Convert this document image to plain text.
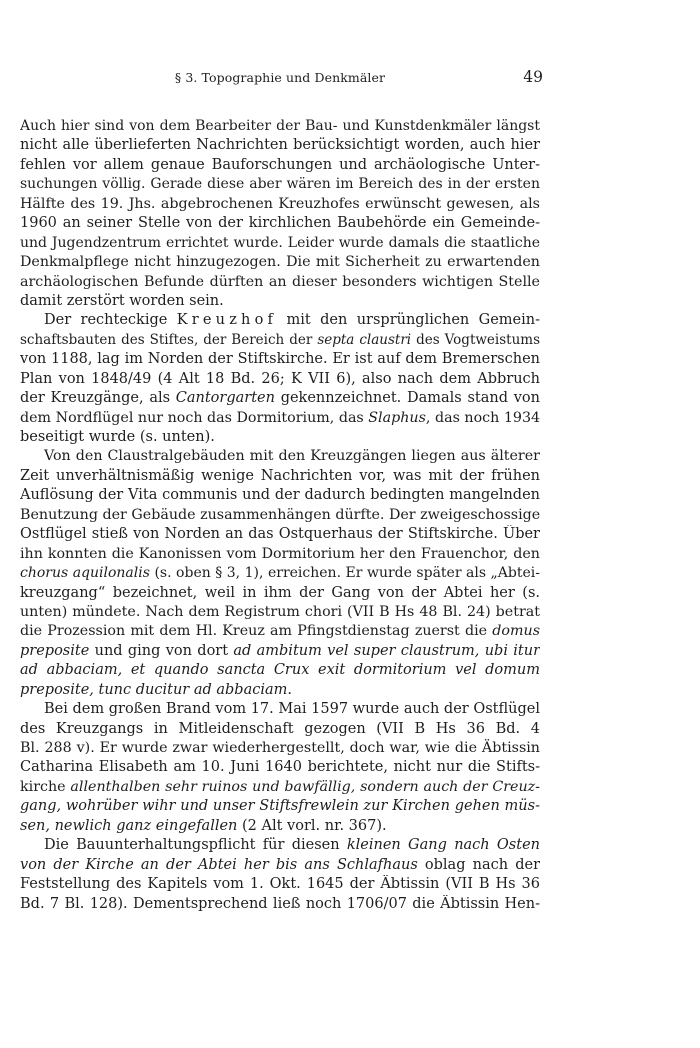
§ 3. Topographie und Denkmäler	49
Auch hier sind von dem Bearbeiter der Bau- und Kunstdenkmäler längst
nicht alle überlieferten Nachrichten berücksichtigt worden, auch hier
fehlen vor allem genaue Bauforschungen und archäologische Unter-
suchungen völlig. Gerade diese aber wären im Bereich des in der ersten
Hälfte des 19. Jhs. abgebrochenen Kreuzhofes erwünscht gewesen, als
1960 an seiner Stelle von der kirchlichen Baubehörde ein Gemeinde-
und Jugendzentrum errichtet wurde. Leider wurde damals die staatliche
Denkmalpflege nicht hinzugezogen. Die mit Sicherheit zu erwartenden
archäologischen Befunde dürften an dieser besonders wichtigen Stelle
damit zerstört worden sein.
Der rechteckige Kreuzhof mit den ursprünglichen Gemein-
schaftsbauten des Stiftes, der Bereich der septa claustri des Vogtweistums
von 1188, lag im Norden der Stiftskirche. Er ist auf dem Bremerschen
Plan von 1848/49 (4 Alt 18 Bd. 26; K VII 6), also nach dem Abbruch
der Kreuzgänge, als Cantorgarten gekennzeichnet. Damals stand von
dem Nordflügel nur noch das Dormitorium, das Slaphus, das noch 1934
beseitigt wurde (s. unten).
Von den Claustralgebäuden mit den Kreuzgängen liegen aus älterer
Zeit unverhältnismäßig wenige Nachrichten vor, was mit der frühen
Auflösung der Vita communis und der dadurch bedingten mangelnden
Benutzung der Gebäude zusammenhängen dürfte. Der zweigeschossige
Ostflügel stieß von Norden an das Ostquerhaus der Stiftskirche. Über
ihn konnten die Kanonissen vom Dormitorium her den Frauenchor, den
chorus aquilonalis (s. oben § 3, 1), erreichen. Er wurde später als „Abtei-
kreuzgang“ bezeichnet, weil in ihm der Gang von der Abtei her (s.
unten) mündete. Nach dem Registrum chori (VII B Hs 48 Bl. 24) betrat
die Prozession mit dem Hl. Kreuz am Pfingstdienstag zuerst die domus
preposite und ging von dort ad ambitum vel super claustrum, ubi itur
ad abbaciam, et quando sancta Crux exit dormitorium vel domum
preposite, tunc ducitur ad abbaciam.
Bei dem großen Brand vom 17. Mai 1597 wurde auch der Ostflügel
des Kreuzgangs in Mitleidenschaft gezogen (VII B Hs 36 Bd. 4
Bl. 288 v). Er wurde zwar wiederhergestellt, doch war, wie die Äbtissin
Catharina Elisabeth am 10. Juni 1640 berichtete, nicht nur die Stifts-
kirche allenthalben sehr ruinos und bawfällig, sondern auch der Creuz-
gang, wohrüber wihr und unser Stiftsfrewlein zur Kirchen gehen müs-
sen, newlich ganz eingefallen (2 Alt vorl. nr. 367).
Die Bauunterhaltungspflicht für diesen kleinen Gang nach Osten
von der Kirche an der Abtei her bis ans Schlafhaus oblag nach der
Feststellung des Kapitels vom 1. Okt. 1645 der Äbtissin (VII B Hs 36
Bd. 7 Bl. 128). Dementsprechend ließ noch 1706/07 die Äbtissin Hen-
